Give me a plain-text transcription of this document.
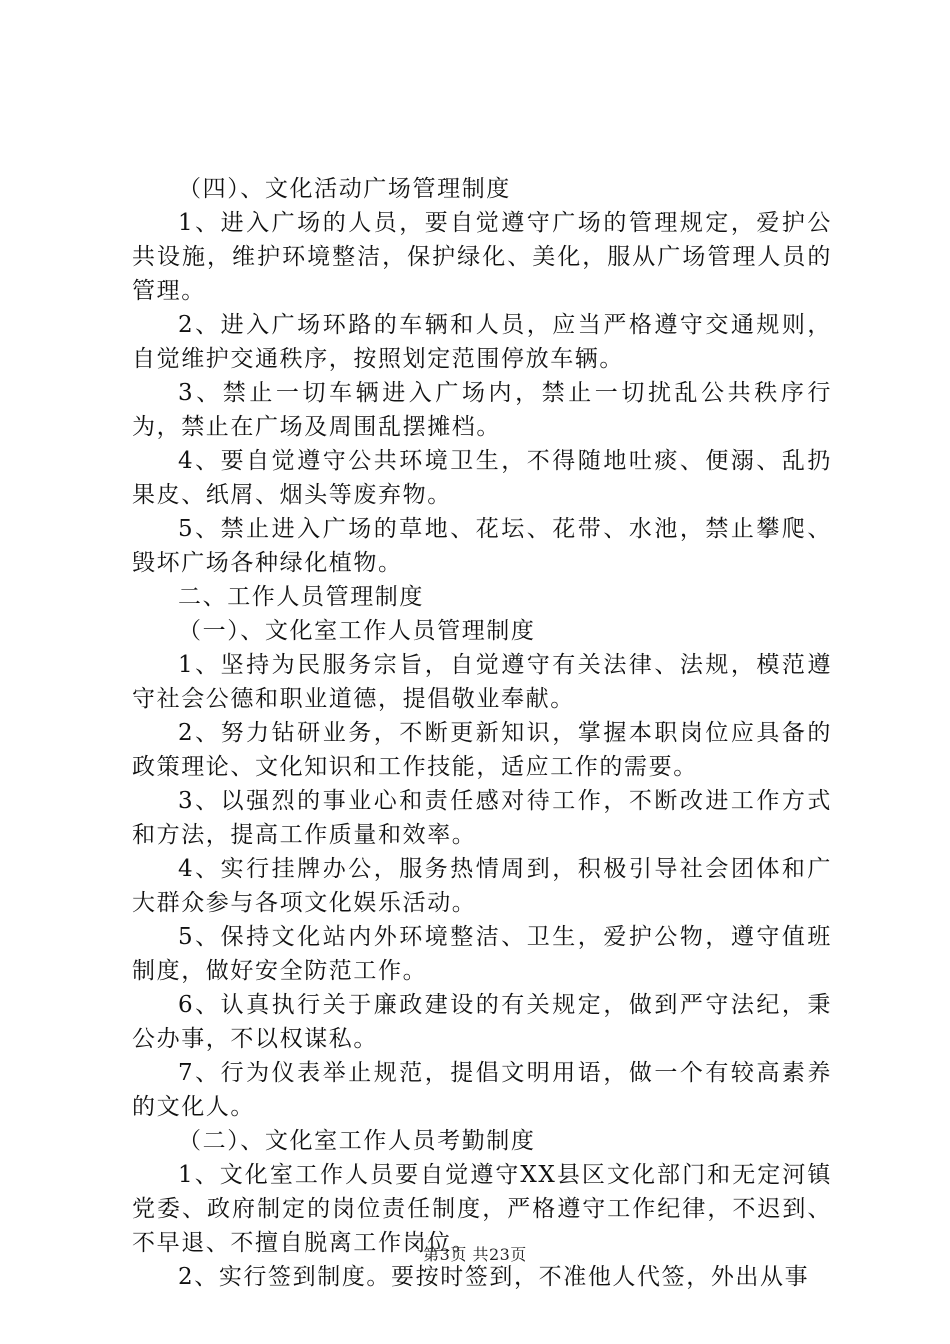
（四）、文化活动广场管理制度

1、进入广场的人员，要自觉遵守广场的管理规定，爱护公共设施，维护环境整洁，保护绿化、美化，服从广场管理人员的管理。

2、进入广场环路的车辆和人员，应当严格遵守交通规则，自觉维护交通秩序，按照划定范围停放车辆。

3、禁止一切车辆进入广场内，禁止一切扰乱公共秩序行为，禁止在广场及周围乱摆摊档。

4、要自觉遵守公共环境卫生，不得随地吐痰、便溺、乱扔果皮、纸屑、烟头等废弃物。

5、禁止进入广场的草地、花坛、花带、水池，禁止攀爬、毁坏广场各种绿化植物。

二、工作人员管理制度

（一）、文化室工作人员管理制度

1、坚持为民服务宗旨，自觉遵守有关法律、法规，模范遵守社会公德和职业道德，提倡敬业奉献。

2、努力钻研业务，不断更新知识，掌握本职岗位应具备的政策理论、文化知识和工作技能，适应工作的需要。

3、以强烈的事业心和责任感对待工作，不断改进工作方式和方法，提高工作质量和效率。

4、实行挂牌办公，服务热情周到，积极引导社会团体和广大群众参与各项文化娱乐活动。

5、保持文化站内外环境整洁、卫生，爱护公物，遵守值班制度，做好安全防范工作。

6、认真执行关于廉政建设的有关规定，做到严守法纪，秉公办事，不以权谋私。

7、行为仪表举止规范，提倡文明用语，做一个有较高素养的文化人。

（二）、文化室工作人员考勤制度

1、文化室工作人员要自觉遵守XX县区文化部门和无定河镇党委、政府制定的岗位责任制度，严格遵守工作纪律，不迟到、不早退、不擅自脱离工作岗位。

2、实行签到制度。要按时签到，不准他人代签，外出从事

第3页 共23页
